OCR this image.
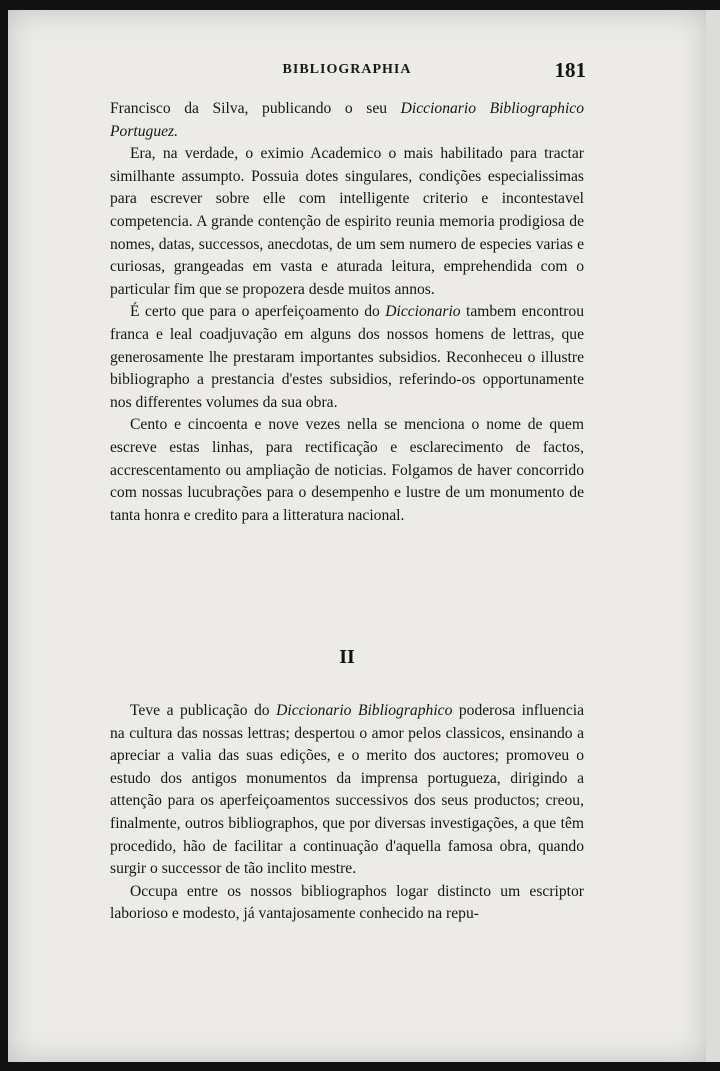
BIBLIOGRAPHIA	181

Francisco da Silva, publicando o seu Diccionario Bibliographico Portuguez.

Era, na verdade, o eximio Academico o mais habilitado para tractar similhante assumpto. Possuia dotes singulares, condições especialissimas para escrever sobre elle com intelligente criterio e incontestavel competencia. A grande contenção de espirito reunia memoria prodigiosa de nomes, datas, successos, anecdotas, de um sem numero de especies varias e curiosas, grangeadas em vasta e aturada leitura, emprehendida com o particular fim que se propozera desde muitos annos.

É certo que para o aperfeiçoamento do Diccionario tambem encontrou franca e leal coadjuvação em alguns dos nossos homens de lettras, que generosamente lhe prestaram importantes subsidios. Reconheceu o illustre bibliographo a prestancia d'estes subsidios, referindo-os opportunamente nos differentes volumes da sua obra.

Cento e cincoenta e nove vezes nella se menciona o nome de quem escreve estas linhas, para rectificação e esclarecimento de factos, accrescentamento ou ampliação de noticias. Folgamos de haver concorrido com nossas lucubrações para o desempenho e lustre de um monumento de tanta honra e credito para a litteratura nacional.

II

Teve a publicação do Diccionario Bibliographico poderosa influencia na cultura das nossas lettras; despertou o amor pelos classicos, ensinando a apreciar a valia das suas edições, e o merito dos auctores; promoveu o estudo dos antigos monumentos da imprensa portugueza, dirigindo a attenção para os aperfeiçoamentos successivos dos seus productos; creou, finalmente, outros bibliographos, que por diversas investigações, a que têm procedido, hão de facilitar a continuação d'aquella famosa obra, quando surgir o successor de tão inclito mestre.

Occupa entre os nossos bibliographos logar distincto um escriptor laborioso e modesto, já vantajosamente conhecido na repu-
